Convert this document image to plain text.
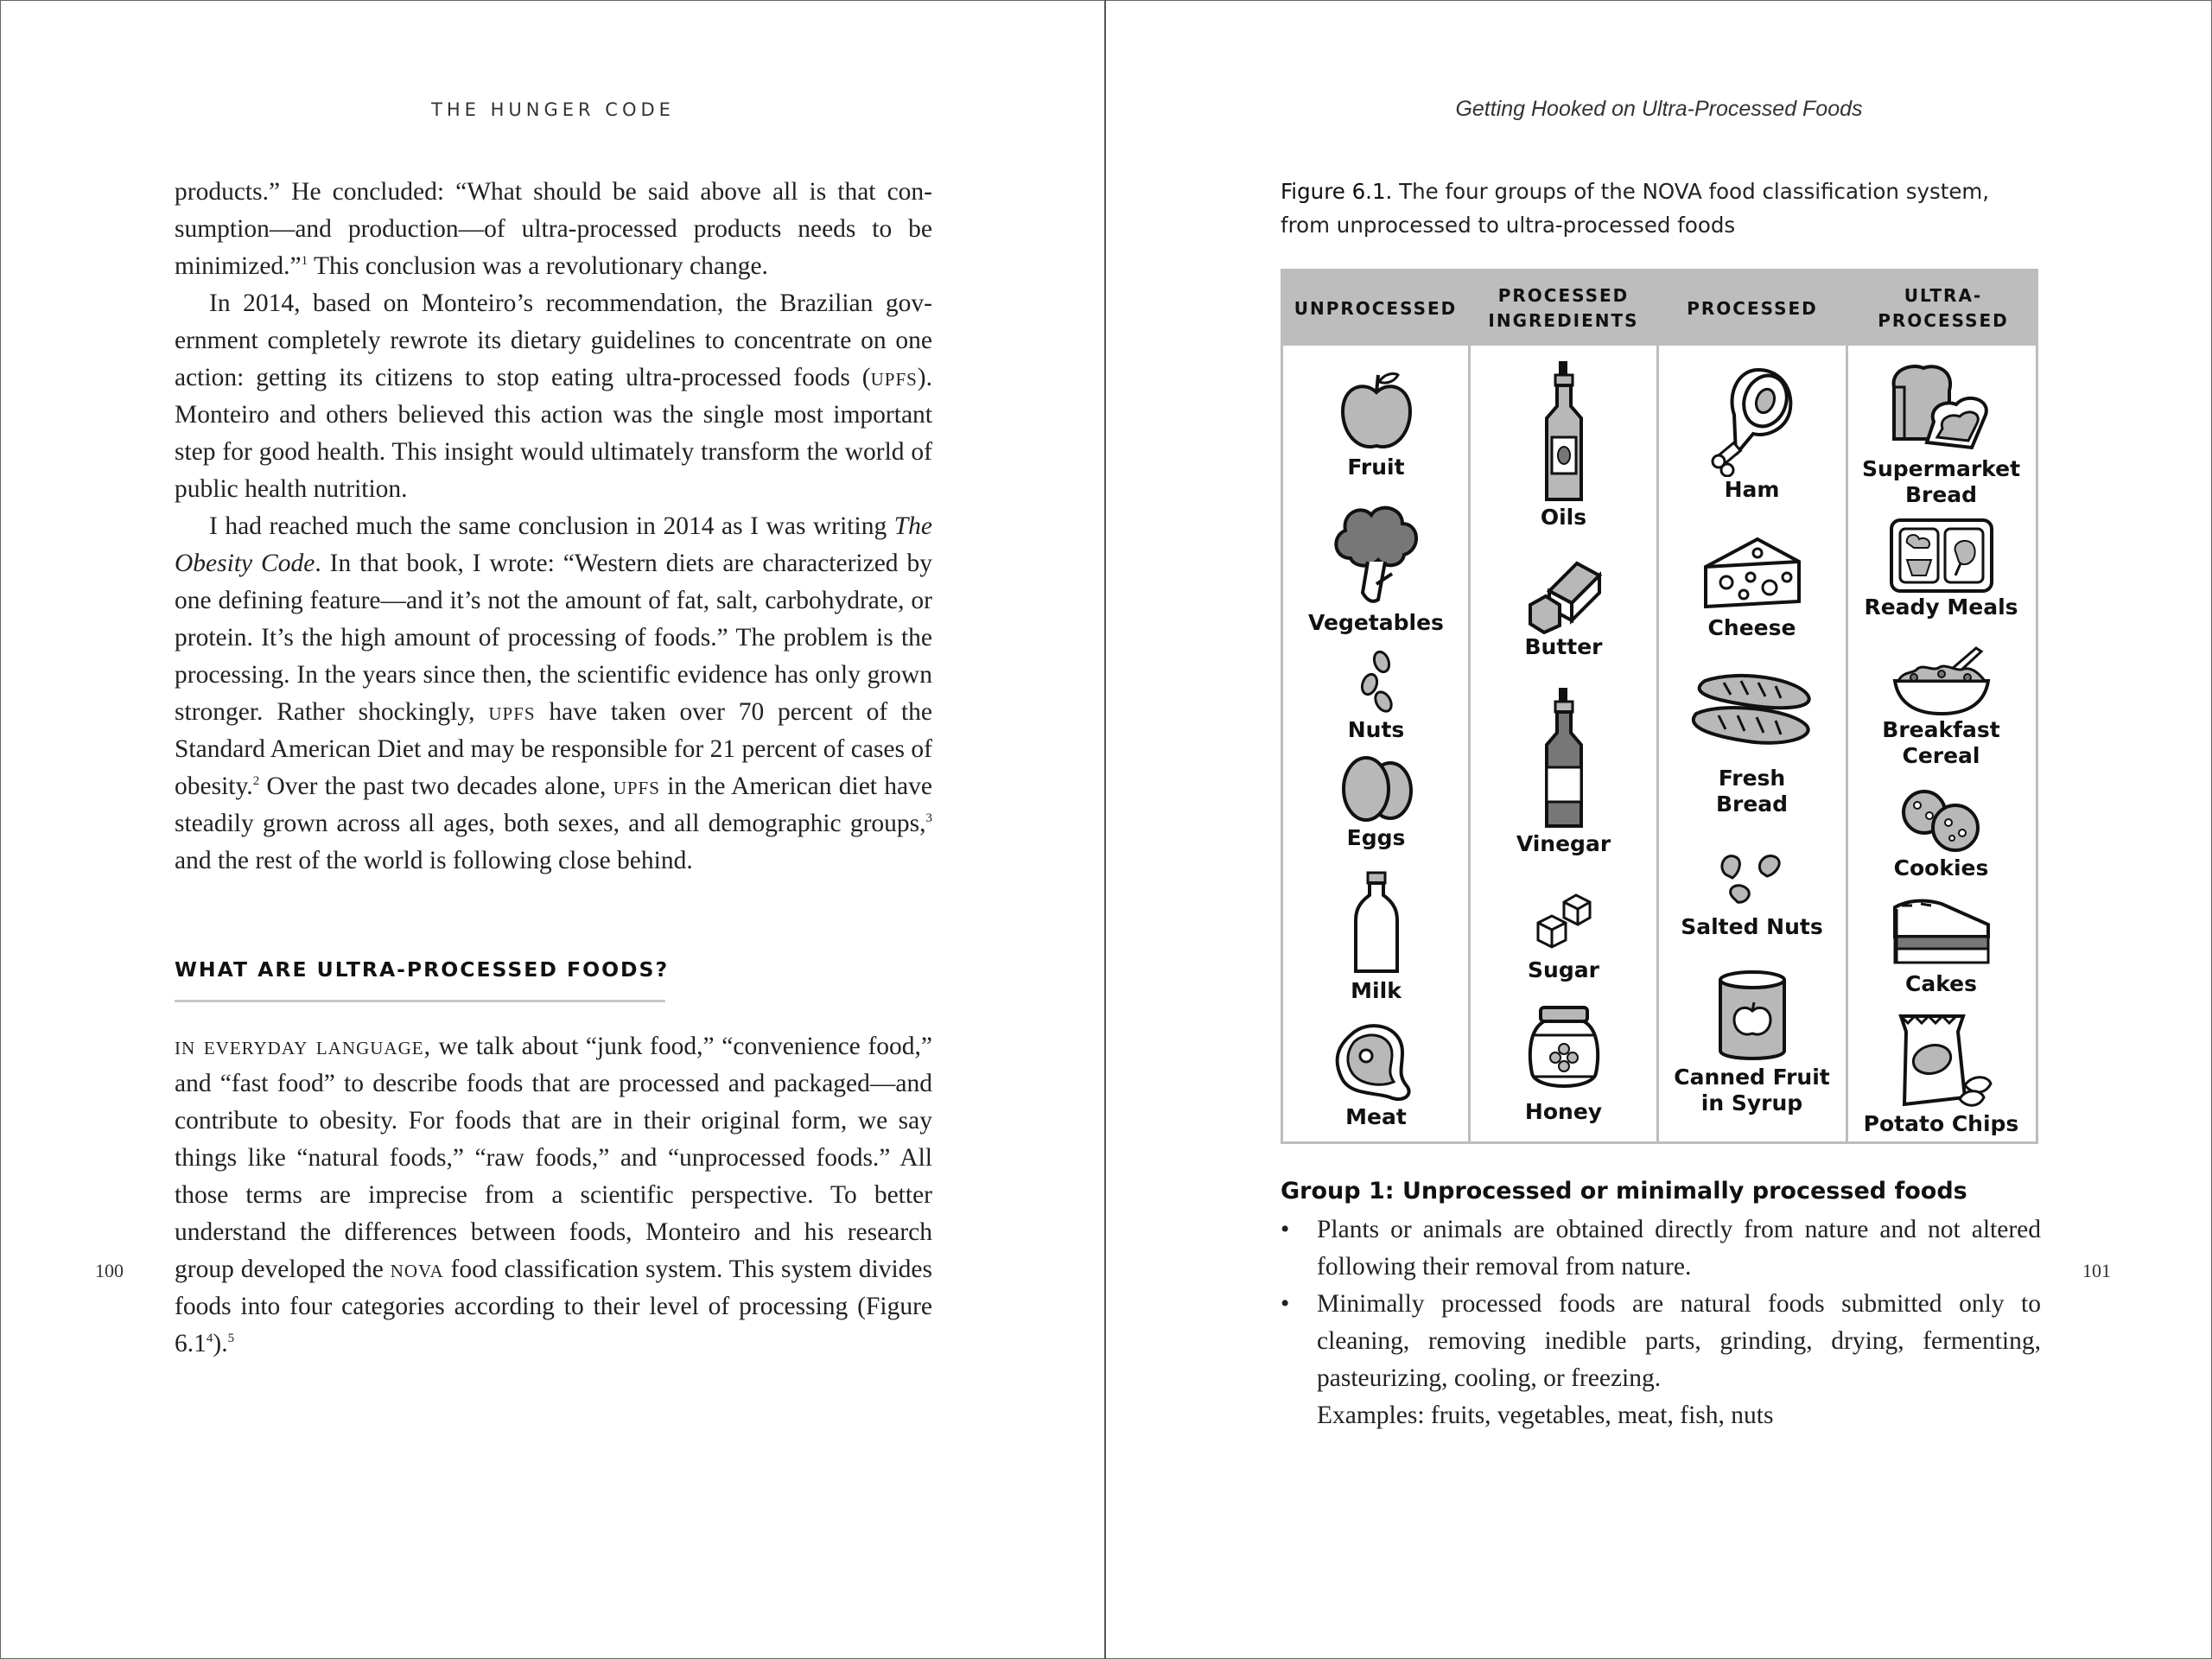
THE HUNGER CODE

products.” He concluded: “What should be said above all is that consumption—and production—of ultra-processed products needs to be minimized.”$^1$ This conclusion was a revolutionary change.

In 2014, based on Monteiro’s recommendation, the Brazilian government completely rewrote its dietary guidelines to concentrate on one action: getting its citizens to stop eating ultra-processed foods (upfs). Monteiro and others believed this action was the single most important step for good health. This insight would ultimately transform the world of public health nutrition.

I had reached much the same conclusion in 2014 as I was writing The Obesity Code. In that book, I wrote: “Western diets are characterized by one defining feature—and it’s not the amount of fat, salt, carbohydrate, or protein. It’s the high amount of processing of foods.” The problem is the processing. In the years since then, the scientific evidence has only grown stronger. Rather shockingly, upfs have taken over 70 percent of the Standard American Diet and may be responsible for 21 percent of cases of obesity.$^2$ Over the past two decades alone, upfs in the American diet have steadily grown across all ages, both sexes, and all demographic groups,$^3$ and the rest of the world is following close behind.

WHAT ARE ULTRA-PROCESSED FOODS?

in everyday language, we talk about “junk food,” “convenience food,” and “fast food” to describe foods that are processed and packaged—and contribute to obesity. For foods that are in their original form, we say things like “natural foods,” “raw foods,” and “unprocessed foods.” All those terms are imprecise from a scientific perspective. To better understand the differences between foods, Monteiro and his research group developed the nova food classification system. This system divides foods into four categories according to their level of processing (Figure $6.1^4).^5$

100
Getting Hooked on Ultra-Processed Foods
Figure 6.1. The four groups of the NOVA food classification system, from unprocessed to ultra-processed foods
UNPROCESSED
PROCESSED
INGREDIENTS
PROCESSED
ULTRA-
PROCESSED
Fruit
Vegetables
Nuts
Eggs
Milk
Meat
Oils
Butter
Vinegar
Sugar
Honey
Ham
Cheese
Fresh
Bread
Salted Nuts
Canned Fruit
in Syrup
Supermarket
Bread
Ready Meals
Breakfast
Cereal
Cookies
Cakes
Potato Chips
Group 1: Unprocessed or minimally processed foods
• Plants or animals are obtained directly from nature and not altered following their removal from nature.
• Minimally processed foods are natural foods submitted only to cleaning, removing inedible parts, grinding, drying, fermenting, pasteurizing, cooling, or freezing.
Examples: fruits, vegetables, meat, fish, nuts
101
